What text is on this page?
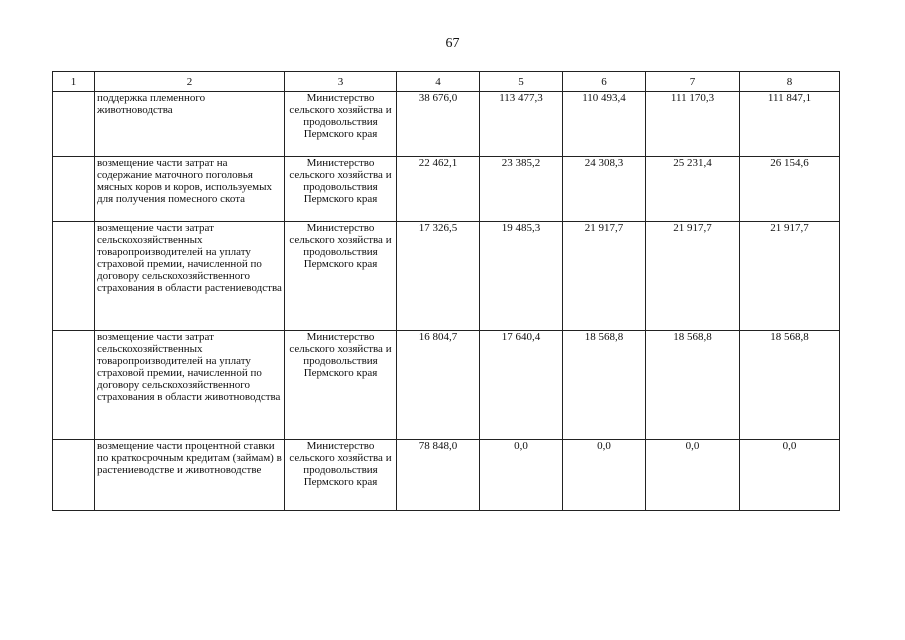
67
1	2	3	4	5	6	7	8
	поддержка племенного животноводства	Министерство сельского хозяйства и продовольствия Пермского края	38 676,0	113 477,3	110 493,4	111 170,3	111 847,1
	возмещение части затрат на содержание маточного поголовья мясных коров и коров, используемых для получения помесного скота	Министерство сельского хозяйства и продовольствия Пермского края	22 462,1	23 385,2	24 308,3	25 231,4	26 154,6
	возмещение части затрат сельскохозяйственных товаропроизводителей на уплату страховой премии, начисленной по договору сельскохозяйственного страхования в области растениеводства	Министерство сельского хозяйства и продовольствия Пермского края	17 326,5	19 485,3	21 917,7	21 917,7	21 917,7
	возмещение части затрат сельскохозяйственных товаропроизводителей на уплату страховой премии, начисленной по договору сельскохозяйственного страхования в области животноводства	Министерство сельского хозяйства и продовольствия Пермского края	16 804,7	17 640,4	18 568,8	18 568,8	18 568,8
	возмещение части процентной ставки по краткосрочным кредитам (займам) в растениеводстве и животноводстве	Министерство сельского хозяйства и продовольствия Пермского края	78 848,0	0,0	0,0	0,0	0,0
